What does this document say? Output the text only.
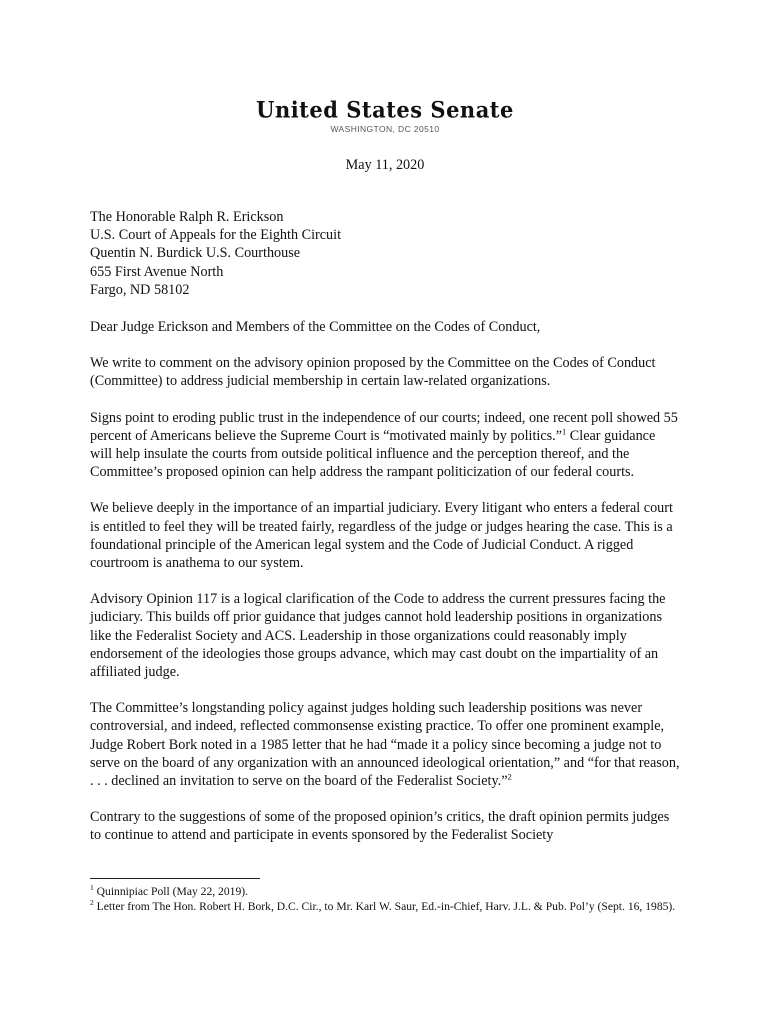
United States Senate
WASHINGTON, DC 20510
May 11, 2020
The Honorable Ralph R. Erickson
U.S. Court of Appeals for the Eighth Circuit
Quentin N. Burdick U.S. Courthouse
655 First Avenue North
Fargo, ND 58102

Dear Judge Erickson and Members of the Committee on the Codes of Conduct,

We write to comment on the advisory opinion proposed by the Committee on the Codes of Conduct (Committee) to address judicial membership in certain law-related organizations.

Signs point to eroding public trust in the independence of our courts; indeed, one recent poll showed 55 percent of Americans believe the Supreme Court is “motivated mainly by politics.”$^1$ Clear guidance will help insulate the courts from outside political influence and the perception thereof, and the Committee’s proposed opinion can help address the rampant politicization of our federal courts.

We believe deeply in the importance of an impartial judiciary. Every litigant who enters a federal court is entitled to feel they will be treated fairly, regardless of the judge or judges hearing the case. This is a foundational principle of the American legal system and the Code of Judicial Conduct. A rigged courtroom is anathema to our system.

Advisory Opinion 117 is a logical clarification of the Code to address the current pressures facing the judiciary. This builds off prior guidance that judges cannot hold leadership positions in organizations like the Federalist Society and ACS. Leadership in those organizations could reasonably imply endorsement of the ideologies those groups advance, which may cast doubt on the impartiality of an affiliated judge.

The Committee’s longstanding policy against judges holding such leadership positions was never controversial, and indeed, reflected commonsense existing practice. To offer one prominent example, Judge Robert Bork noted in a 1985 letter that he had “made it a policy since becoming a judge not to serve on the board of any organization with an announced ideological orientation,” and “for that reason, . . . declined an invitation to serve on the board of the Federalist Society.”$^2$

Contrary to the suggestions of some of the proposed opinion’s critics, the draft opinion permits judges to continue to attend and participate in events sponsored by the Federalist Society

$^1$ Quinnipiac Poll (May 22, 2019).
$^2$ Letter from The Hon. Robert H. Bork, D.C. Cir., to Mr. Karl W. Saur, Ed.-in-Chief, Harv. J.L. & Pub. Pol’y (Sept. 16, 1985).
